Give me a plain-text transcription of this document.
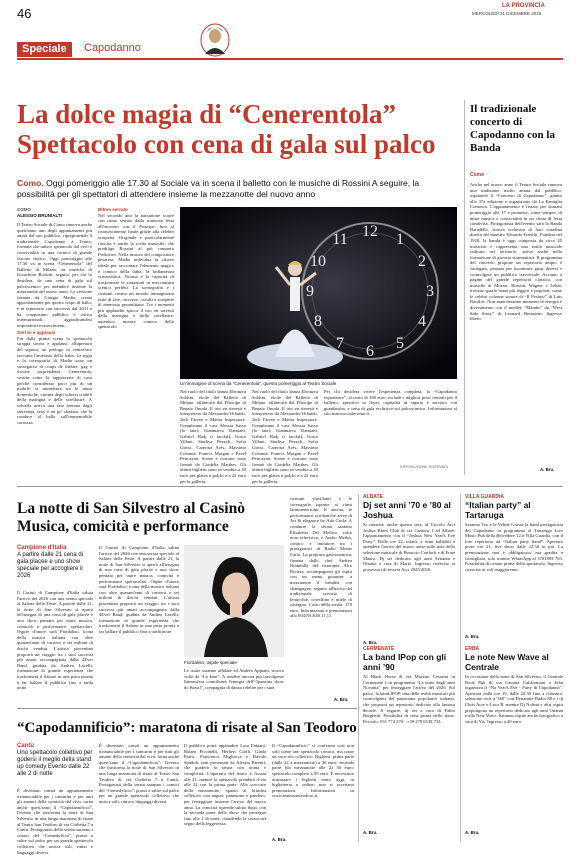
46	LA PROVINCIA
MERCOLEDÌ 31 DICEMBRE 2025
Speciale	Capodanno
La dolce magia di “Cenerentola”
Spettacolo con cena di gala sul palco
Como. Oggi pomeriggio alle 17.30 al Sociale va in scena il balletto con le musiche di Rossini A seguire, la possibilità per gli spettatori di attendere insieme la mezzanotte del nuovo anno
COMO
ALESSIO BRUNIALTI

Il Teatro Sociale di Como rinnova anche quest'anno uno degli appuntamenti più amati dal suo pubblico, riproponendo il tradizionale Capodanno a Teatro, formula che unisce spettacolo dal vivo e convivialità in una cornice di grande fascino storico. Oggi pomeriggio alle 17.30 va in scena “Cenerentola” del Balletto di Milano, su musiche di Gioachino Rossini, seguita, per chi lo desidera, da una cena di gala sul palcoscenico per attendere insieme la mezzanotte del nuovo anno. La versione firmata da Giorgio Madia, creata appositamente per questo corpo di ballo, è in repertorio con successo dal 2011 e ha conquistato pubblico e critica internazionali, aggiudicandosi importanti riconoscimenti.

Sorrisi e applausi

Fin dalla prima scena lo spettacolo strappa sorrisi e applausi: all'apertura del sipario, un prologo in controluce racconta l'antefatto della fiaba. La regia e la coreografia di Madia sono un susseguirsi di coups de théâtre, gag e trovate sorprendenti. Cenerentola, vestita come la tappezzeria di casa perché considerata poco più di un mobile, si mimetizza tra le mura domestiche, vittima degli scherzi crudeli della matrigna e delle sorellastre. A salvarla arriva una fata lontana dagli stereotipi, sexy e un po' sbadata, che la conduce al ballo sull'immancabile carrozza.

Ritmo serrato

Nel secondo atto la narrazione scorre con ritmo serrato dalla sontuosa festa all'incontro con il Principe, fino al riconoscimento finale grazie alla celebre scarpetta. Originale e particolarmente riuscita è anche la scelta musicale, che predilige Rossini al più consueto Prokofiev. Nella musica del compositore pesarese, Madia individua la chiave ideale per raccontare l'elemento magico e comico della fiaba: la brillantezza virtuosistica, l'ironia e la capacità di trasformare le situazioni in meccanismi scenici perfetti. La scenografia e i costumi creano un mondo immaginario fatto di fate, carrozze, cavalli e scarpette di memoria perraultiana. Tra i momenti più applauditi spicca il trio en travesti della matrigna e delle sorellastre, autentico motore comico dello spettacolo.

12 1
2
3
4
5
6
7
8
9
10
11
Un'immagine di scena da “Cenerentola”, questo pomeriggio al Teatro Sociale

Nel ruolo del titolo danza Eleonora Soldini, étoile del Balletto di Milano, affiancata dal Principe di Renato Onoda. Il trio en travesti è interpretato da Alessandro Orlando, Jack Farren e Mattia Imperatore. Completano il cast Alessia Sasso (la fata), Gianmarco Damiani, Gabriel Hadj (i lacchè), Grace Villani, Sinthya Pezzoli, Sofia Girosi, Caterina Ares, Massimo Colonna, Francis Morgan e Pavel Petrosyan. Scene e costumi sono firmati da Cordelia Matthes. Gli ultimi biglietti sono in vendita a 40 euro per platea e palchi e a 22 euro per la galleria.

Nel ruolo del titolo danza Eleonora Soldini, étoile del Balletto di Milano, affiancata dal Principe di Renato Onoda. Il trio en travesti è interpretato da Alessandro Orlando, Jack Farren e Mattia Imperatore. Completano il cast Alessia Sasso (la fata), Gianmarco Damiani, Gabriel Hadj (i lacchè), Grace Villani, Sinthya Pezzoli, Sofia Girosi, Caterina Ares, Massimo Colonna, Francis Morgan e Pavel Petrosyan. Scene e costumi sono firmati da Cordelia Matthes. Gli ultimi biglietti sono in vendita a 40 euro per platea e palchi e a 22 euro per la galleria.

Per chi desidera vivere l'esperienza completa, la “Capodanno experience”, al costo di 180 euro, include i migliori posti centrali per il balletto, aperitivo in foyer, ospitalità in sipario e servizio con guardaroba, e cena di gala esclusiva sul palcoscenico. Informazioni al sito teatrosocialecomo.it.

RIPRODUZIONE RISERVATA
Il tradizionale concerto di Capodanno con la Banda
Como

Anche nel nuovo anno il Teatro Sociale rinnova una tradizione molto amata dal pubblico, ospitando il “Concerto di Capodanno”, giunto alla 37a edizione e organizzato da La Famiglia Comasca. L'appuntamento è fissato per domani pomeriggio alle 17 e promette, come sempre, di unire musica e convivialità in un clima di festa condivisa. Protagonista dell'evento sarà la Banda Baradello, storica orchestra di fiati cittadina diretta dal maestro Edoardo Franchi. Fondata nel 1920, la banda è oggi composta da circa 45 musicisti e rappresenta una realtà musicale radicata nel territorio, attiva anche nella formazione di giovani strumentisti. Il programma del concerto propone un repertorio ampio e variegato, pensato per incontrare gusti diversi e coinvolgere un pubblico trasversale. Accanto a pagine del grande repertorio classico, con musiche di Mozart, Rossini, Wagner e Lehár, trovano spazio brani più leggeri e popolari, come le celebri colonne sonore di “Il Postino” di Luis Bacalov. Non mancheranno momenti di energia e divertimento con il medley “Mambo” da “West Side Story” di Leonard Bernstein. Ingresso libero.

A. Bru.
La notte di San Silvestro al Casinò
Musica, comicità e performance
Campione d'Italia
A partire dalle 21 cena di gala placée e uno show speciale per accogliere il 2026

Il Casinò di Campione d'Italia saluta l'arrivo del 2026 con una serata speciale al Salone delle Feste. A partire dalle 21, la notte di San Silvestro si aprirà all'insegna di una cena di gala placée e uno show pensato per unire musica, comicità e performance spettacolari. Ospite d'onore sarà Fiordaliso, icona della musica italiana con oltre quarant'anni di carriera e sei milioni di dischi venduti. L'artista piacentina proporrà un viaggio tra i suoi successi più amati accompagnata dalla 4Ever Band, guidata da Andrea Lavelli, formazione di grande esperienza che trasformerà il Salone in una pista pronta a far ballare il pubblico fino a tarda notte.

Il Casinò di Campione d'Italia saluta l'arrivo del 2026 con una serata speciale al Salone delle Feste. A partire dalle 21, la notte di San Silvestro si aprirà all'insegna di una cena di gala placée e uno show pensato per unire musica, comicità e performance spettacolari. Ospite d'onore sarà Fiordaliso, icona della musica italiana con oltre quarant'anni di carriera e sei milioni di dischi venduti. L'artista piacentina proporrà un viaggio tra i suoi successi più amati accompagnata dalla 4Ever Band, guidata da Andrea Lavelli, formazione di grande esperienza che trasformerà il Salone in una pista pronta a far ballare il pubblico fino a tarda notte.

Fiordaliso, ospite speciale

Le risate saranno affidate ad Andrea Appiani, storico volto de “Le Iene”. A rendere ancora più travolgente l'atmosfera contribuirà l'energia dell'“Ipanema show do Brasil”, compagnia di danza celebre per i suoi

costumi sfavillanti e le coreografie ispirate ai ritmi latinoamericani. E ancora, le performance acrobatiche aeree di Art & elegance by Ada Gosla. A condurre la serata saranno Elisabetta Del Medico, volto noto televisivo, e Andro Merkù, comico e imitatore tra i protagonisti di Radio Monte Carlo. La proposta gastronomica, firmata dallo chef Andrea Brambilla del ristorante Afro Riviera, accompagnerà gli ospiti con un menù gourmet: a mezzanotte il brindisi con champagne, seguito all'uscita dal tradizionale servizio di lenticchie, cotechino e miele di castagno. Costo della serata: 370 euro. Informazioni e prenotazioni allo 004191/640.11.11.

A. Bru.
“Capodannificio”: maratona di risate al San Teodoro
Cantù
Uno spettacolo collettivo per godersi il meglio della stand up comedy Evento dalle 22 alle 2 di notte

È diventato ormai un appuntamento irrinunciabile per i canturini e per tutti gli amanti della comicità dal vivo: torna anche quest'anno il “Capodannificio”, l'evento che trasforma la notte di San Silvestro in una lunga maratona di risate al Teatro San Teodoro di via Corbetta 7 a Cantù. Protagonisti della serata saranno i comici del “Comedyficio”, pronti a salire sul palco per un grande spettacolo collettivo che unisce stili, ritmo e linguaggi diversi.

È diventato ormai un appuntamento irrinunciabile per i canturini e per tutti gli amanti della comicità dal vivo: torna anche quest'anno il “Capodannificio”, l'evento che trasforma la notte di San Silvestro in una lunga maratona di risate al Teatro San Teodoro di via Corbetta 7 a Cantù. Protagonisti della serata saranno i comici del “Comedyficio”, pronti a salire sul palco per un grande spettacolo collettivo che unisce stili, ritmo e linguaggi diversi.

Il pubblico potrà applaudire Lora Fabiani, Ruben Piccinelli, Herbert Cioffi, Giada Parisi, Francesco Migliacca e Davide Spadoli, tutti presentati da Alessio Parenti, che guiderà la serata con ironia e complicità. L'apertura del teatro è fissata alle 21, mentre lo spettacolo prenderà il via alle 22 con la prima parte. Allo scoccare della mezzanotte, spazio al brindisi collettivo con auguri, panettone e pandoro, per festeggiare insieme l'arrivo del nuovo anno. La comicità riprende subito dopo, con la seconda parte dello show che prosegue fino alle 2 di notte, chiudendo la serata nel segno della leggerezza.

Il “Capodannificio” si conferma così non solo come uno spettacolo comico, ma come un vero rito collettivo. Biglietti: prima parte (dalle 22 a mezzanotte) a 30 euro; seconda parte (da mezzanotte alle 2) 30 euro; spettacolo completo a 50 euro. È necessario acquistare i biglietti entro oggi, in biglietteria o online; non si accettano prenotazioni. Informazioni su www.teatrosanteodoro.it.

A. Bru.
ALBATE
Dj set anni ’70 e ’80 al Joshua
Si rinnova, anche questa sera, al Circolo Arci Joshua Blues Club di via Cantoni 1 ad Albate, l'appuntamento con il “Joshua New Year's Eve Party”. Dalle ore 22, infatti, a ritmi ballabili e attendere l'arrivo del nuovo anno sulle note della selezione musicale di Pinuccio Conforti e di Frate Mauro. Dj set dedicato agli anni Settanta e Ottanta a cura di Mario. Ingresso riservato ai possessori di tessera Arci 2025/2026.
A. Bru.
CERMENATE
La band IPop con gli anni ’90
Al Black Horse di via Mazzini Cesarini in Cermenate è in programma “La notte degli anni Novanta” per festeggiare l'arrivo del 2026. Sul palco, la band IPOP, una delle realtà musicali più coinvolgenti del panorama pop-dance italiano, che proporrà un repertorio dedicato alla famosa decade. A seguire, dj set a cura di Fabio Borghetti. Possibilità di cena prima dello show. Per info: 031 774 270 - +39 278 6538 734.
A. Bru.
VILLA GUARDIA
“Italian party” al Tartaruga
Saranno Teo e le Veline Grasse la band protagonista del Capodanno in programma al Tartaruga Live Music Pub della Belvedere 12 a Villa Guardia, con il loro repertorio da “Italian party band”. Apertura porte ore 21, live show dalle 22.30 in poi. La prenotazione non è obbligatoria, ma gradita e consigliata, solo tramite WhatsApp al 3701893 763. Possibilità di cenare prima dello spettacolo. Ingresso riservato ai soli maggiorenni.
A. Bru.
ERBA
Le note New Wave al Centrale
In occasione della notte di San Silvestro, il Centrale Rock Pub di via Cassina Californiani a Erba organizza il “Na Year's Eve - Party di Capodanno”. Apertura dalle ore 19, dalle 22.30 fino a chiusura, selezione rock a '360° con Dynamite Radio 88 e i dj Chris Acre e Luca B. mentre Dj Nolimi e altri ospiti propongono un repertorio dedicato agli anni Ottanta e alla New Wave. Saranno ospite anche fotografico a cura di Vis. Ingresso a 20 euro.
A. Bru.
